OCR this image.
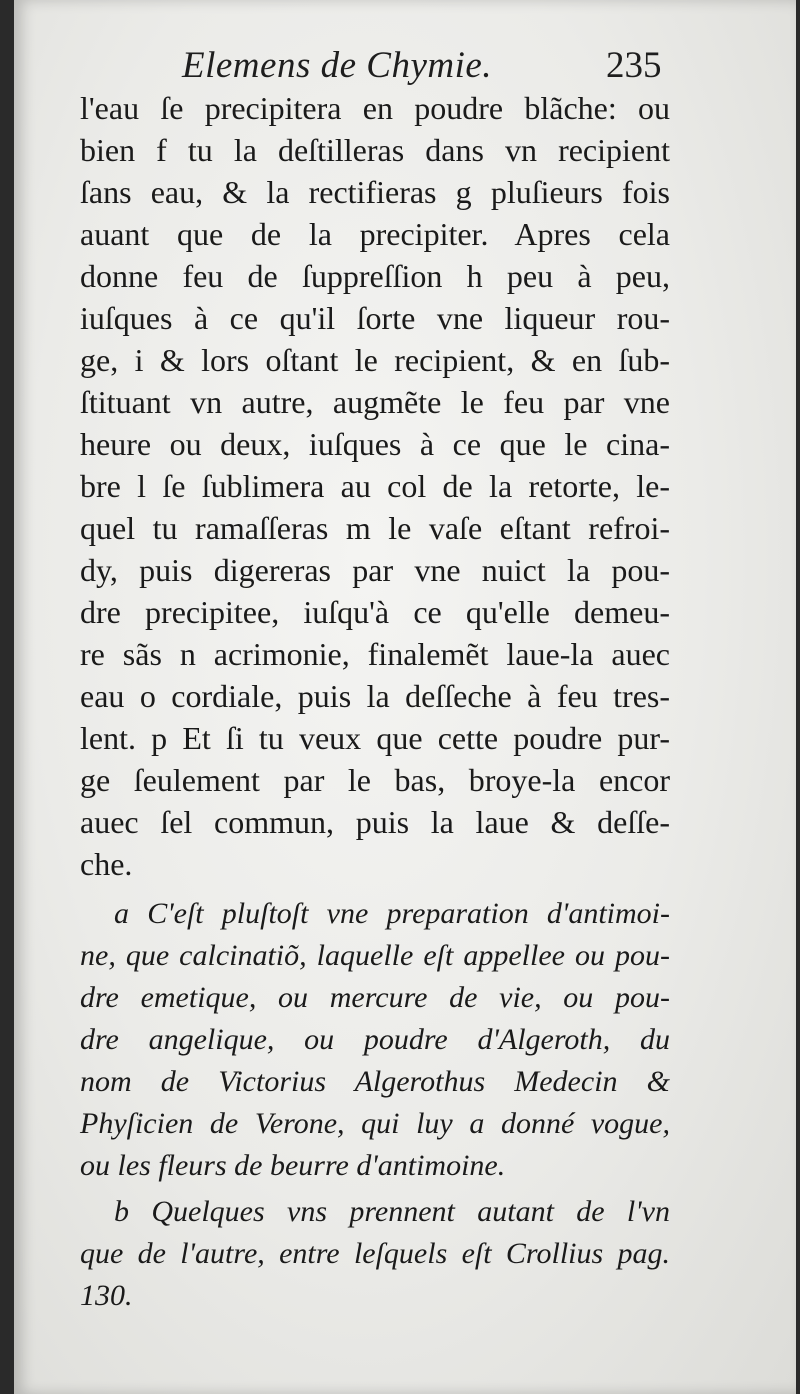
Elemens de Chymie.	235
l'eau ſe precipitera en poudre blãche: ou
bien f tu la deſtilleras dans vn recipient
ſans eau, & la rectifieras g pluſieurs fois
auant que de la precipiter. Apres cela
donne feu de ſuppreſſion h peu à peu,
iuſques à ce qu'il ſorte vne liqueur rou-
ge, i & lors oſtant le recipient, & en ſub-
ſtituant vn autre, augmẽte le feu par vne
heure ou deux, iuſques à ce que le cina-
bre l ſe ſublimera au col de la retorte, le-
quel tu ramaſſeras m le vaſe eſtant refroi-
dy, puis digereras par vne nuict la pou-
dre precipitee, iuſqu'à ce qu'elle demeu-
re sãs n acrimonie, finalemẽt laue-la auec
eau o cordiale, puis la deſſeche à feu tres-
lent. p Et ſi tu veux que cette poudre pur-
ge ſeulement par le bas, broye-la encor
auec ſel commun, puis la laue & deſſe-
che.
a C'eſt pluſtoſt vne preparation d'antimoi-
ne, que calcinatiõ, laquelle eſt appellee ou pou-
dre emetique, ou mercure de vie, ou pou-
dre angelique, ou poudre d'Algeroth, du
nom de Victorius Algerothus Medecin &
Phyſicien de Verone, qui luy a donné vogue,
ou les fleurs de beurre d'antimoine.
b Quelques vns prennent autant de l'vn
que de l'autre, entre leſquels eſt Crollius pag.
130.
